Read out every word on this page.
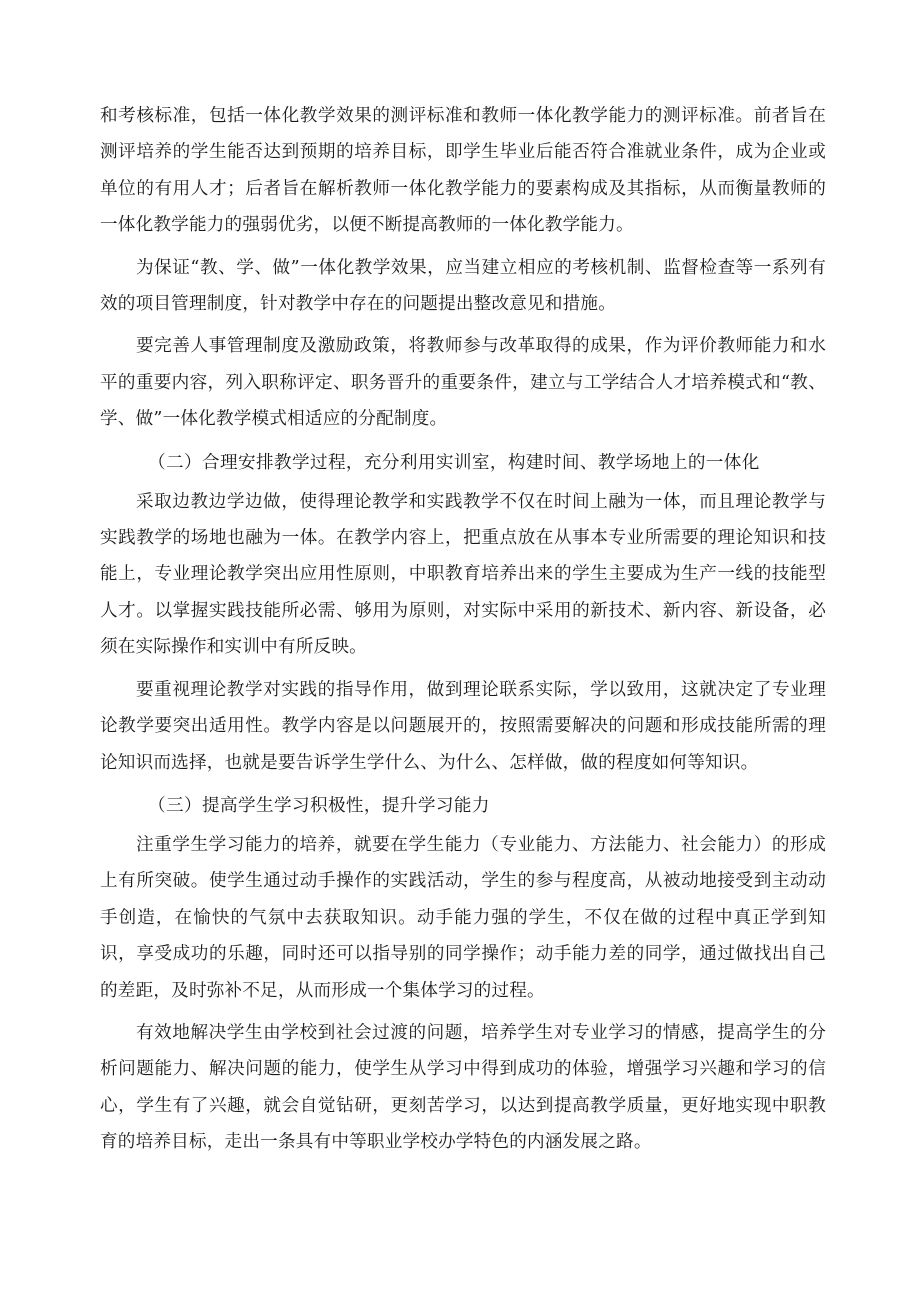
和考核标准，包括一体化教学效果的测评标准和教师一体化教学能力的测评标准。前者旨在测评培养的学生能否达到预期的培养目标，即学生毕业后能否符合准就业条件，成为企业或单位的有用人才；后者旨在解析教师一体化教学能力的要素构成及其指标，从而衡量教师的一体化教学能力的强弱优劣，以便不断提高教师的一体化教学能力。

为保证“教、学、做”一体化教学效果，应当建立相应的考核机制、监督检查等一系列有效的项目管理制度，针对教学中存在的问题提出整改意见和措施。

要完善人事管理制度及激励政策，将教师参与改革取得的成果，作为评价教师能力和水平的重要内容，列入职称评定、职务晋升的重要条件，建立与工学结合人才培养模式和“教、学、做”一体化教学模式相适应的分配制度。

（二）合理安排教学过程，充分利用实训室，构建时间、教学场地上的一体化

采取边教边学边做，使得理论教学和实践教学不仅在时间上融为一体，而且理论教学与实践教学的场地也融为一体。在教学内容上，把重点放在从事本专业所需要的理论知识和技能上，专业理论教学突出应用性原则，中职教育培养出来的学生主要成为生产一线的技能型人才。以掌握实践技能所必需、够用为原则，对实际中采用的新技术、新内容、新设备，必须在实际操作和实训中有所反映。

要重视理论教学对实践的指导作用，做到理论联系实际，学以致用，这就决定了专业理论教学要突出适用性。教学内容是以问题展开的，按照需要解决的问题和形成技能所需的理论知识而选择，也就是要告诉学生学什么、为什么、怎样做，做的程度如何等知识。

（三）提高学生学习积极性，提升学习能力

注重学生学习能力的培养，就要在学生能力（专业能力、方法能力、社会能力）的形成上有所突破。使学生通过动手操作的实践活动，学生的参与程度高，从被动地接受到主动动手创造，在愉快的气氛中去获取知识。动手能力强的学生，不仅在做的过程中真正学到知识，享受成功的乐趣，同时还可以指导别的同学操作；动手能力差的同学，通过做找出自己的差距，及时弥补不足，从而形成一个集体学习的过程。

有效地解决学生由学校到社会过渡的问题，培养学生对专业学习的情感，提高学生的分析问题能力、解决问题的能力，使学生从学习中得到成功的体验，增强学习兴趣和学习的信心，学生有了兴趣，就会自觉钻研，更刻苦学习，以达到提高教学质量，更好地实现中职教育的培养目标，走出一条具有中等职业学校办学特色的内涵发展之路。
